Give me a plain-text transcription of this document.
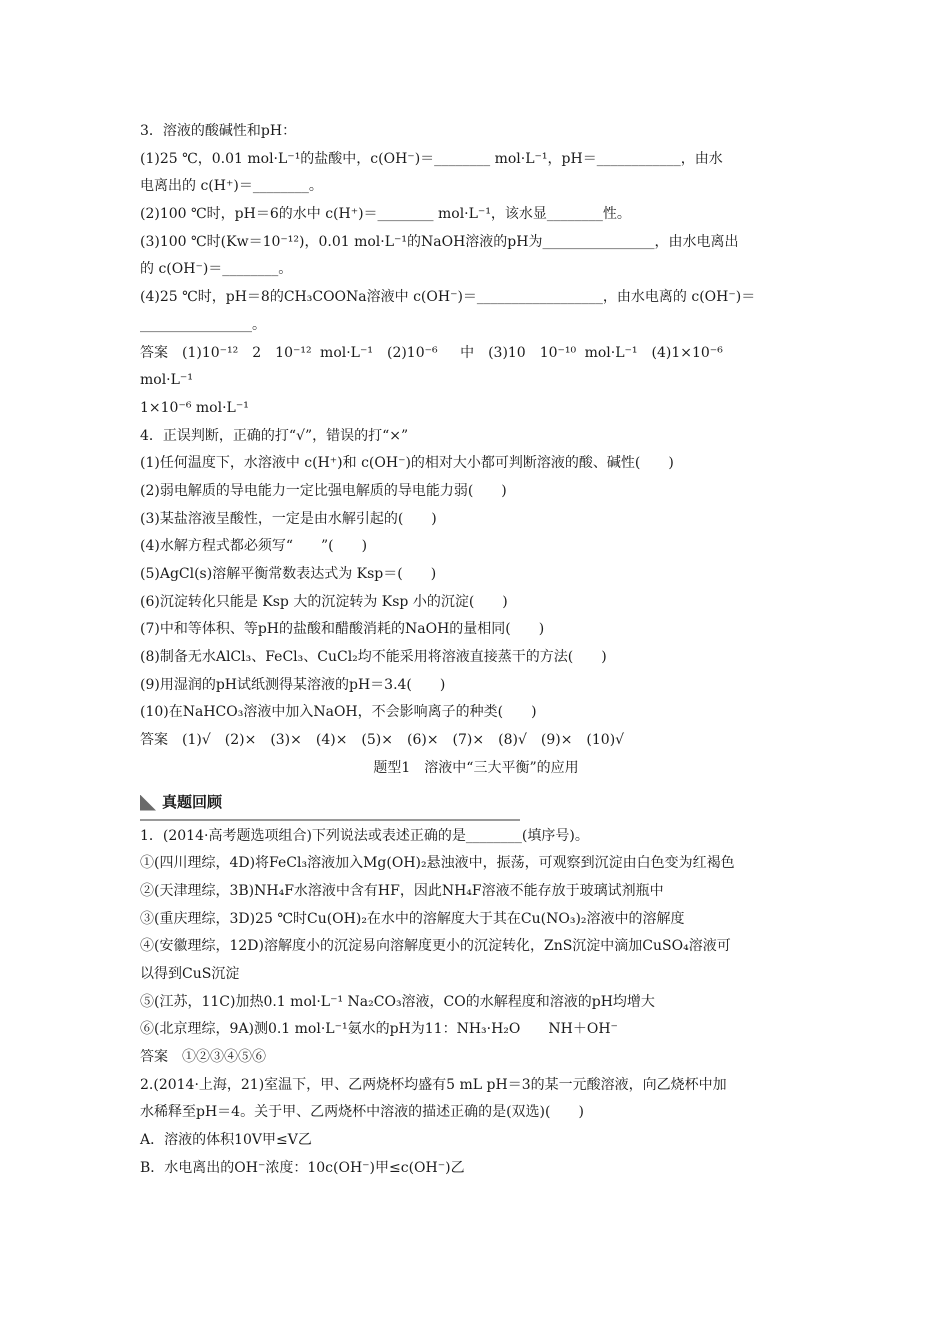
3．溶液的酸碱性和pH：
(1)25 ℃，0.01 mol·L⁻¹的盐酸中，c(OH⁻)＝________ mol·L⁻¹，pH＝____________，由水
电离出的 c(H⁺)＝________。
(2)100 ℃时，pH＝6的水中 c(H⁺)＝________ mol·L⁻¹，该水显________性。
(3)100 ℃时(Kw＝10⁻¹²)，0.01 mol·L⁻¹的NaOH溶液的pH为________________，由水电离出
的 c(OH⁻)＝________。
(4)25 ℃时，pH＝8的CH₃COONa溶液中 c(OH⁻)＝__________________，由水电离的 c(OH⁻)＝
________________。
答案　(1)10⁻¹²　2　10⁻¹² mol·L⁻¹　(2)10⁻⁶　 中　(3)10　10⁻¹⁰ mol·L⁻¹　(4)1×10⁻⁶
mol·L⁻¹
1×10⁻⁶ mol·L⁻¹
4．正误判断，正确的打“√”，错误的打“×”
(1)任何温度下，水溶液中 c(H⁺)和 c(OH⁻)的相对大小都可判断溶液的酸、碱性(　　)
(2)弱电解质的导电能力一定比强电解质的导电能力弱(　　)
(3)某盐溶液呈酸性，一定是由水解引起的(　　)
(4)水解方程式都必须写“　　”(　　)
(5)AgCl(s)溶解平衡常数表达式为 Ksp＝(　　)
(6)沉淀转化只能是 Ksp 大的沉淀转为 Ksp 小的沉淀(　　)
(7)中和等体积、等pH的盐酸和醋酸消耗的NaOH的量相同(　　)
(8)制备无水AlCl₃、FeCl₃、CuCl₂均不能采用将溶液直接蒸干的方法(　　)
(9)用湿润的pH试纸测得某溶液的pH＝3.4(　　)
(10)在NaHCO₃溶液中加入NaOH，不会影响离子的种类(　　)
答案　(1)√　(2)×　(3)×　(4)×　(5)×　(6)×　(7)×　(8)√　(9)×　(10)√
题型1　溶液中“三大平衡”的应用
真题回顾
1．(2014·高考题选项组合)下列说法或表述正确的是________(填序号)。
①(四川理综，4D)将FeCl₃溶液加入Mg(OH)₂悬浊液中，振荡，可观察到沉淀由白色变为红褐色
②(天津理综，3B)NH₄F水溶液中含有HF，因此NH₄F溶液不能存放于玻璃试剂瓶中
③(重庆理综，3D)25 ℃时Cu(OH)₂在水中的溶解度大于其在Cu(NO₃)₂溶液中的溶解度
④(安徽理综，12D)溶解度小的沉淀易向溶解度更小的沉淀转化，ZnS沉淀中滴加CuSO₄溶液可
以得到CuS沉淀
⑤(江苏，11C)加热0.1 mol·L⁻¹ Na₂CO₃溶液，CO的水解程度和溶液的pH均增大
⑥(北京理综，9A)测0.1 mol·L⁻¹氨水的pH为11：NH₃·H₂O　　NH＋OH⁻
答案　①②③④⑤⑥
2.(2014·上海，21)室温下，甲、乙两烧杯均盛有5 mL pH＝3的某一元酸溶液，向乙烧杯中加
水稀释至pH＝4。关于甲、乙两烧杯中溶液的描述正确的是(双选)(　　)
A．溶液的体积10V甲≤V乙
B．水电离出的OH⁻浓度：10c(OH⁻)甲≤c(OH⁻)乙
